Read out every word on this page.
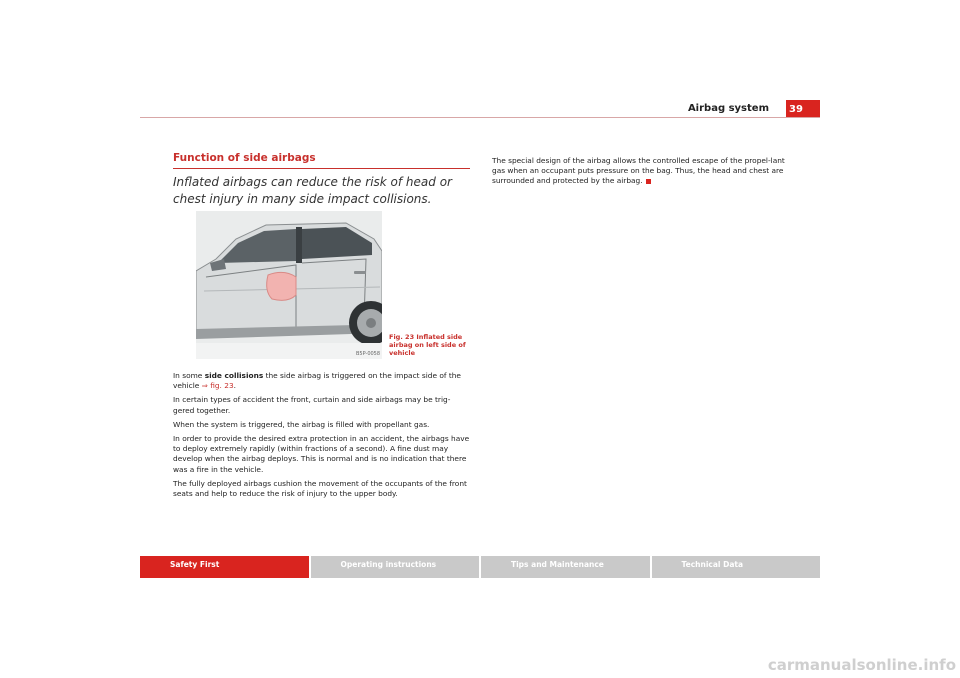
Airbag system	39
Function of side airbags
Inflated airbags can reduce the risk of head or chest injury in many side impact collisions.
B5P-0058
Fig. 23 Inflated side airbag on left side of vehicle

In some side collisions the side airbag is triggered on the impact side of the vehicle ⇒ fig. 23.

In certain types of accident the front, curtain and side airbags may be trig-gered together.

When the system is triggered, the airbag is filled with propellant gas.

In order to provide the desired extra protection in an accident, the airbags have to deploy extremely rapidly (within fractions of a second). A fine dust may develop when the airbag deploys. This is normal and is no indication that there was a fire in the vehicle.

The fully deployed airbags cushion the movement of the occupants of the front seats and help to reduce the risk of injury to the upper body.

The special design of the airbag allows the controlled escape of the propel-lant gas when an occupant puts pressure on the bag. Thus, the head and chest are surrounded and protected by the airbag.

Safety First	Operating instructions	Tips and Maintenance	Technical Data
carmanualsonline.info
